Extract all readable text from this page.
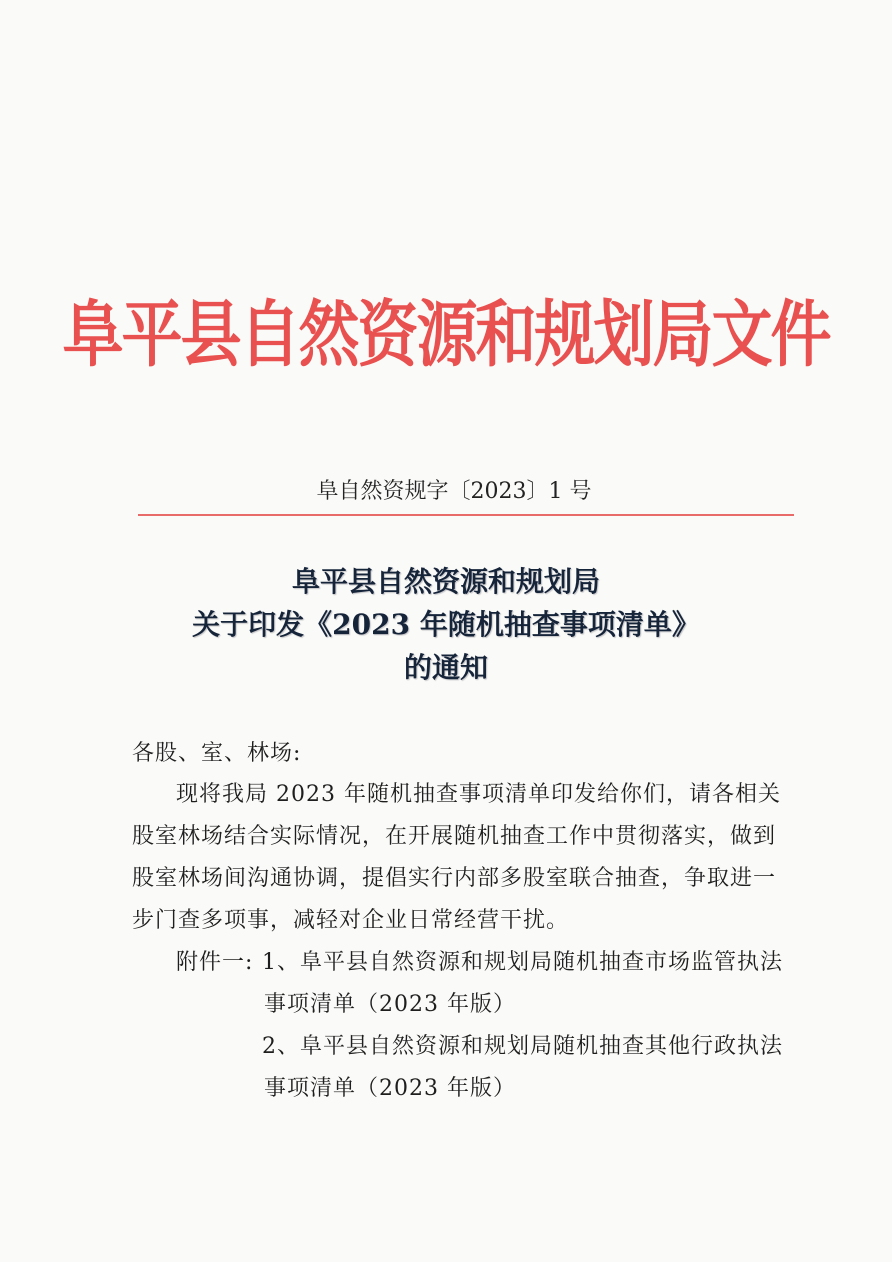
阜平县自然资源和规划局文件
阜自然资规字〔2023〕1 号
阜平县自然资源和规划局
关于印发《2023 年随机抽查事项清单》
的通知
各股、室、林场:
现将我局 2023 年随机抽查事项清单印发给你们，请各相关
股室林场结合实际情况，在开展随机抽查工作中贯彻落实，做到
股室林场间沟通协调，提倡实行内部多股室联合抽查，争取进一
步门查多项事，减轻对企业日常经营干扰。
附件一: 1、阜平县自然资源和规划局随机抽查市场监管执法
事项清单（2023 年版）
2、阜平县自然资源和规划局随机抽查其他行政执法
事项清单（2023 年版）
